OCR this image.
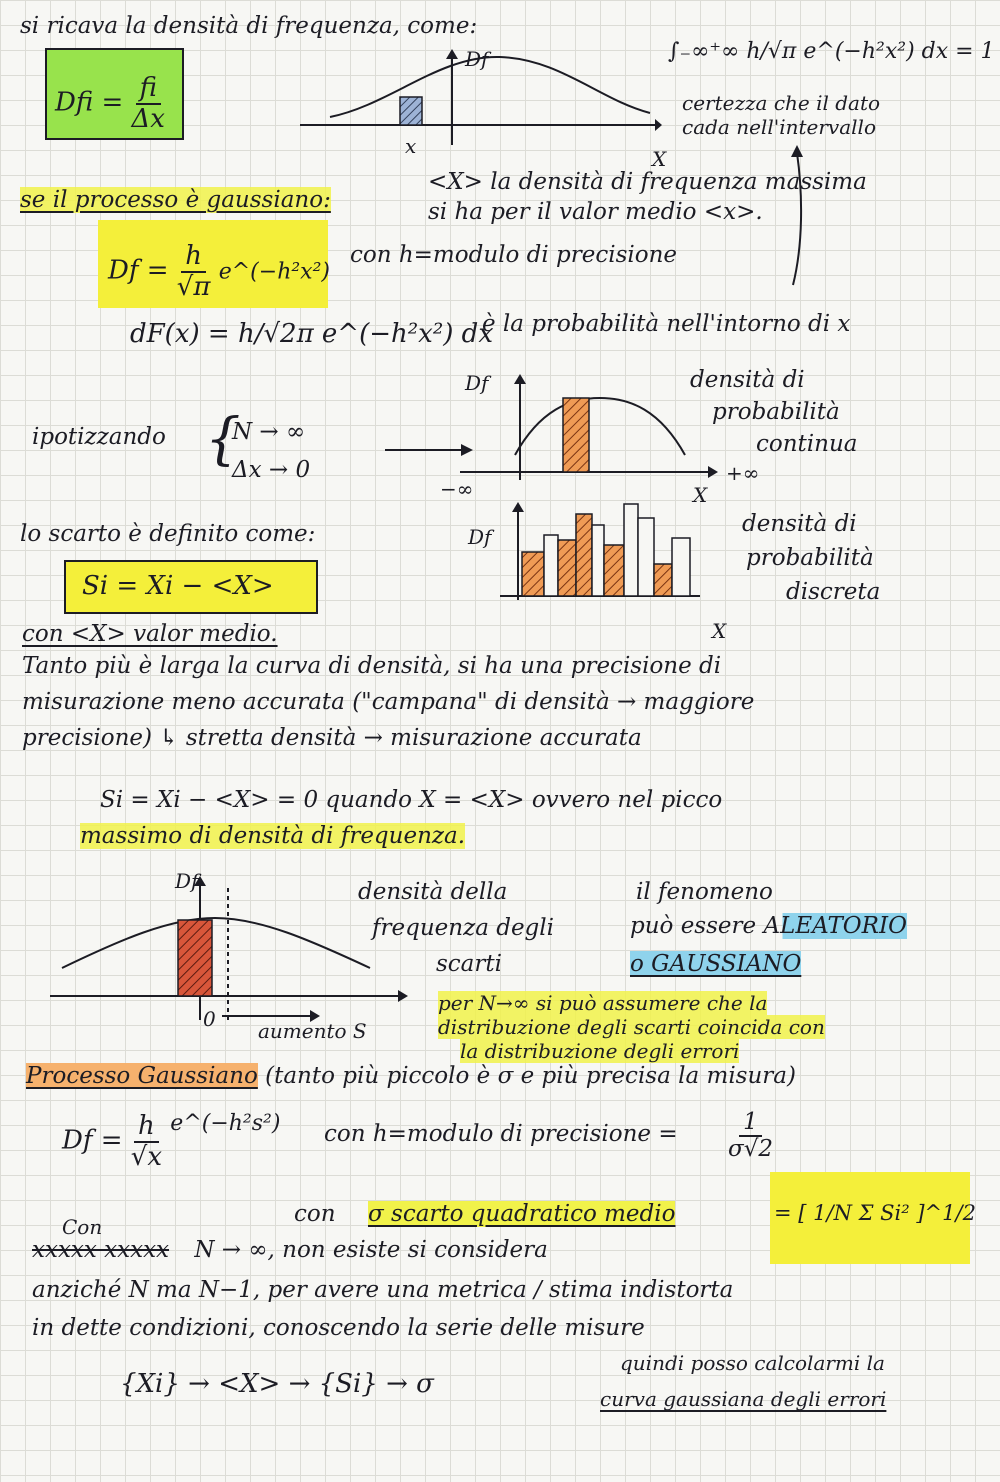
si ricava la densità di frequenza, come:
Dfi = $\frac{fi}{\Delta x}$
Df
x
X
∫₋∞⁺∞ h/√π e^(−h²x²) dx = 1
certezza che il dato
cada nell'intervallo
<X> la densità di frequenza massima
si ha per il valor medio <x>.
se il processo è gaussiano:
$Df = \frac{h}{√\pi}$ e^(−h²x²)
con h=modulo di precisione
dF(x) = h/√2π e^(−h²x²) dx
è la probabilità nell'intorno di x
ipotizzando {
N → ∞
Δx → 0
Df
−∞	X
+∞
densità di
probabilità
continua
lo scarto è definito come:
Si = Xi − <X>
con <X> valor medio.
Df
X
densità di
probabilità
discreta
Tanto più è larga la curva di densità, si ha una precisione di
misurazione meno accurata ("campana" di densità → maggiore
precisione) ↳ stretta densità → misurazione accurata
Si = Xi − <X> = 0 quando X = <X> ovvero nel picco
massimo di densità di frequenza.
Df
0 aumento S
densità della
frequenza degli
scarti
il fenomeno
può essere ALEATORIO
o GAUSSIANO
per N→∞ si può assumere che la
distribuzione degli scarti coincida con
la distribuzione degli errori
Processo Gaussiano (tanto più piccolo è σ e più precisa la misura)
$Df = \frac{h}{√x} ^{e\^{}(-h^2s^2)}$ con h=modulo di precisione = $\frac{1}{\sigma√2}$
con σ scarto quadratico medio	= [ 1/N Σ Si² ]^1/2
Con
xxxxx xxxxx N → ∞, non esiste si considera
anziché N ma N−1, per avere una metrica / stima indistorta
in dette condizioni, conoscendo la serie delle misure
{Xi} → <X> → {Si} → σ
quindi posso calcolarmi la
curva gaussiana degli errori
